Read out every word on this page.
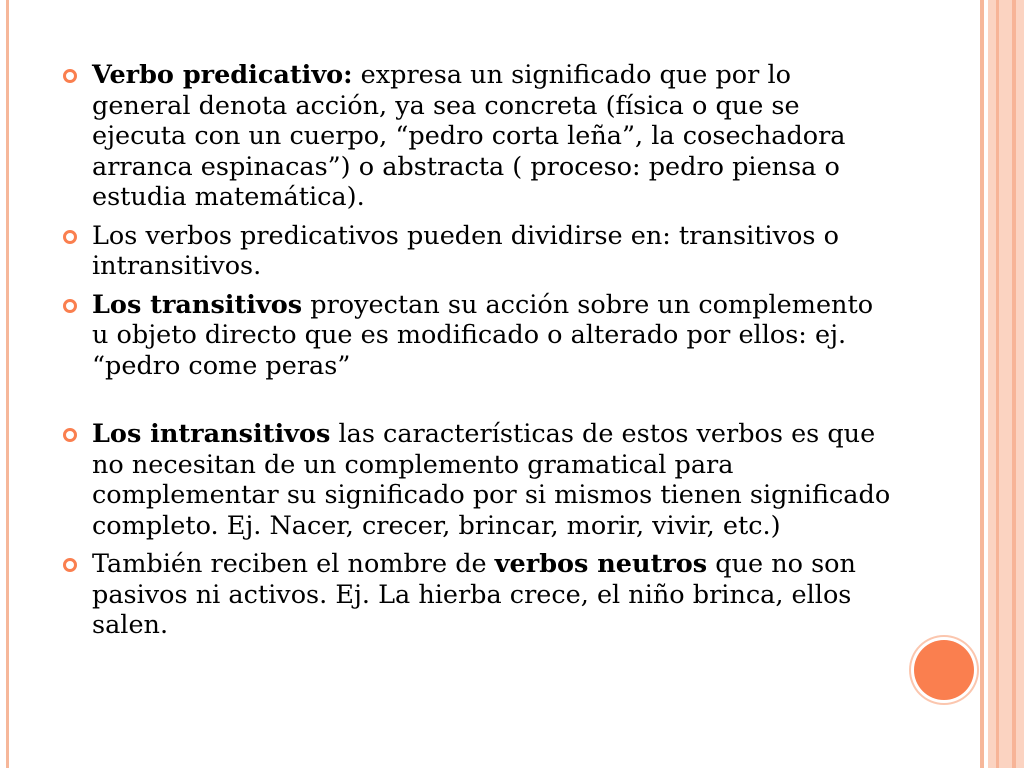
Verbo predicativo: expresa un significado que por lo general denota acción, ya sea concreta (física o que se ejecuta con un cuerpo, “pedro corta leña”, la cosechadora arranca espinacas”) o abstracta ( proceso: pedro piensa o estudia matemática).
Los verbos predicativos pueden dividirse en: transitivos o intransitivos.
Los transitivos proyectan su acción sobre un complemento u objeto directo que es modificado o alterado por ellos: ej. “pedro come peras”
Los intransitivos las características de estos verbos es que no necesitan de un complemento gramatical para complementar su significado por si mismos tienen significado completo. Ej. Nacer, crecer, brincar, morir, vivir, etc.)
También reciben el nombre de verbos neutros que no son pasivos ni activos. Ej. La hierba crece, el niño brinca, ellos salen.
